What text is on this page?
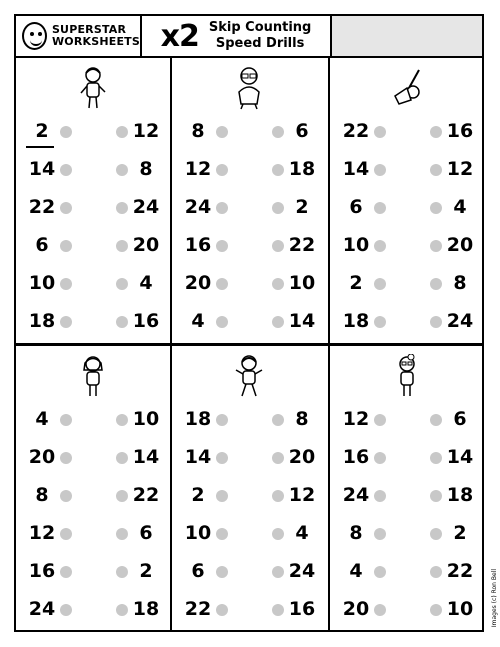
SUPERSTAR
WORKSHEETS x2 Skip Counting
Speed Drills
2	12
14	8
22	24
6	20
10	4
18	16
8	6
12	18
24	2
16	22
20	10
4	14
22	16
14	12
6	4
10	20
2	8
18	24
4	10
20	14
8	22
12	6
16	2
24	18
18	8
14	20
2	12
10	4
6	24
22	16
12	6
16	14
24	18
8	2
4	22
20	10	Images (c) Ron Bell
